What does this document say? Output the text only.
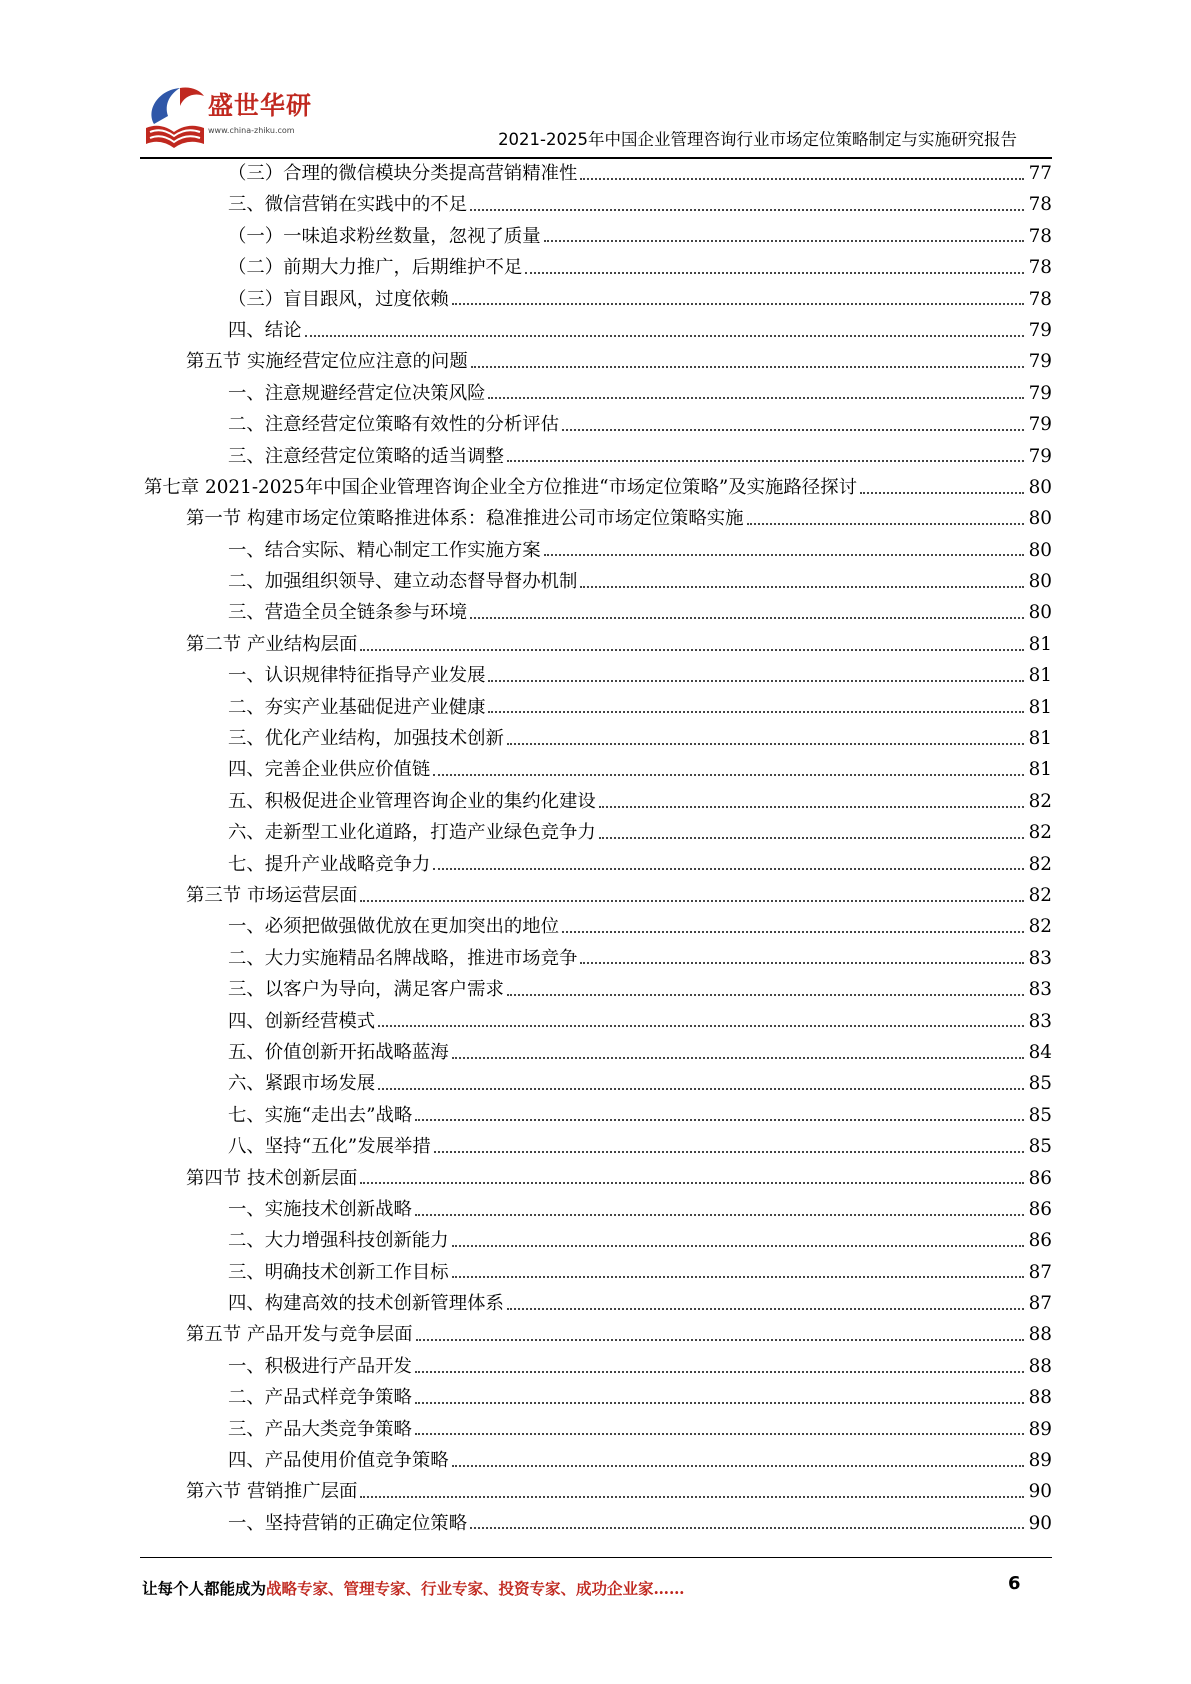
盛世华研
www.china-zhiku.com	2021-2025年中国企业管理咨询行业市场定位策略制定与实施研究报告
（三）合理的微信模块分类提高营销精准性	77
三、微信营销在实践中的不足	78
（一）一味追求粉丝数量，忽视了质量	78
（二）前期大力推广，后期维护不足	78
（三）盲目跟风，过度依赖	78
四、结论	79
第五节 实施经营定位应注意的问题	79
一、注意规避经营定位决策风险	79
二、注意经营定位策略有效性的分析评估	79
三、注意经营定位策略的适当调整	79
第七章 2021-2025年中国企业管理咨询企业全方位推进“市场定位策略”及实施路径探讨	80
第一节 构建市场定位策略推进体系：稳准推进公司市场定位策略实施	80
一、结合实际、精心制定工作实施方案	80
二、加强组织领导、建立动态督导督办机制	80
三、营造全员全链条参与环境	80
第二节 产业结构层面	81
一、认识规律特征指导产业发展	81
二、夯实产业基础促进产业健康	81
三、优化产业结构，加强技术创新	81
四、完善企业供应价值链	81
五、积极促进企业管理咨询企业的集约化建设	82
六、走新型工业化道路，打造产业绿色竞争力	82
七、提升产业战略竞争力	82
第三节 市场运营层面	82
一、必须把做强做优放在更加突出的地位	82
二、大力实施精品名牌战略，推进市场竞争	83
三、以客户为导向，满足客户需求	83
四、创新经营模式	83
五、价值创新开拓战略蓝海	84
六、紧跟市场发展	85
七、实施“走出去”战略	85
八、坚持“五化”发展举措	85
第四节 技术创新层面	86
一、实施技术创新战略	86
二、大力增强科技创新能力	86
三、明确技术创新工作目标	87
四、构建高效的技术创新管理体系	87
第五节 产品开发与竞争层面	88
一、积极进行产品开发	88
二、产品式样竞争策略	88
三、产品大类竞争策略	89
四、产品使用价值竞争策略	89
第六节 营销推广层面	90
一、坚持营销的正确定位策略	90
让每个人都能成为战略专家、管理专家、行业专家、投资专家、成功企业家……	6
